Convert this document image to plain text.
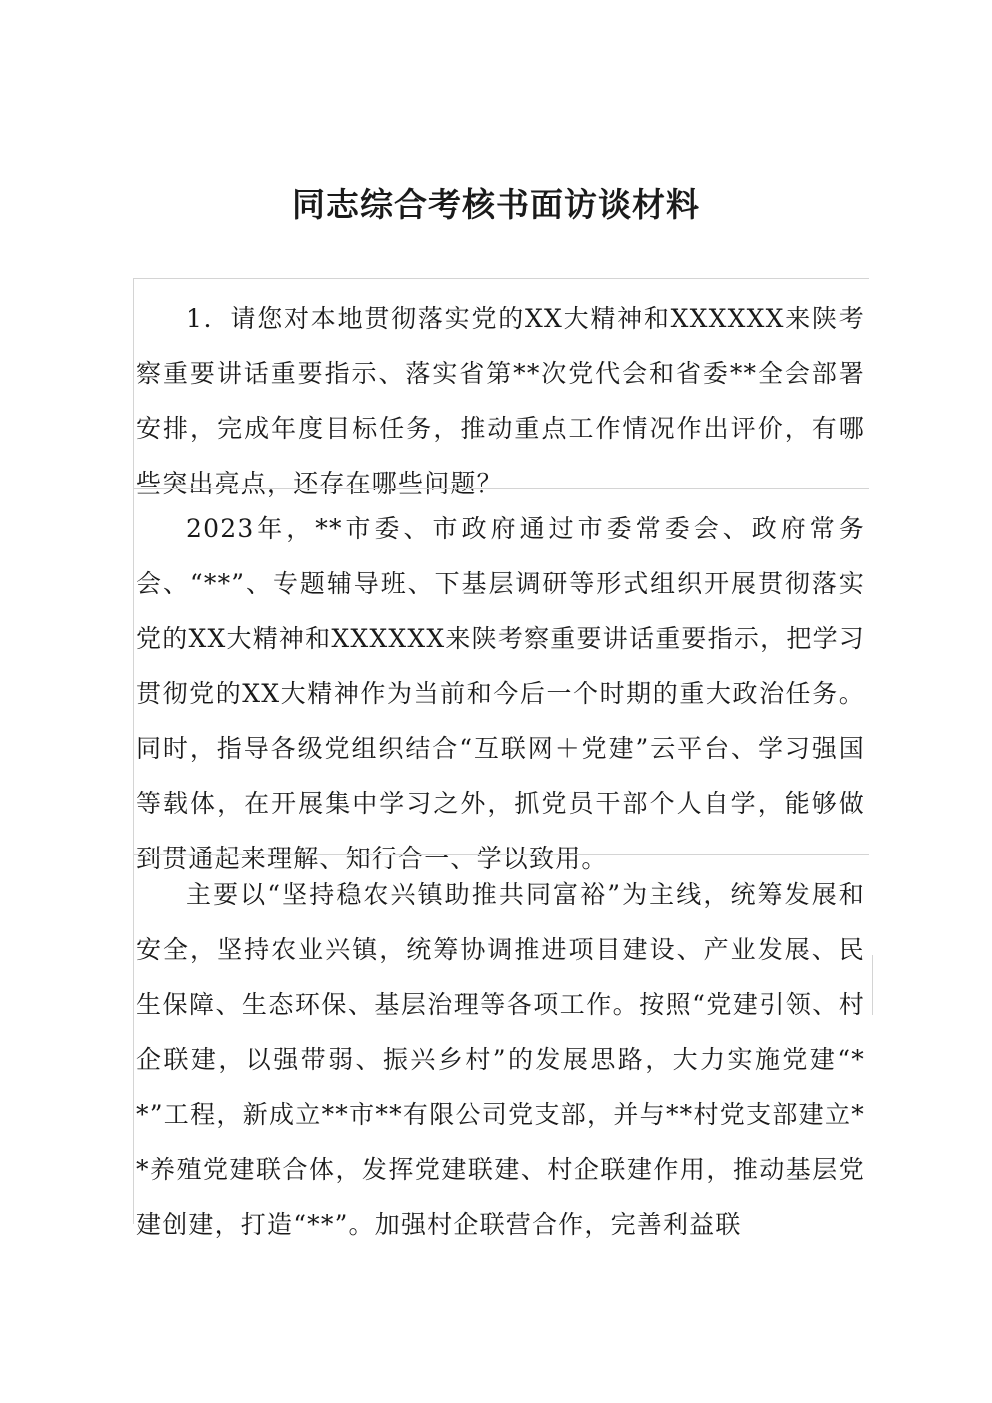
同志综合考核书面访谈材料

1．请您对本地贯彻落实党的XX大精神和XXXXXX来陕考察重要讲话重要指示、落实省第**次党代会和省委**全会部署安排，完成年度目标任务，推动重点工作情况作出评价，有哪些突出亮点，还存在哪些问题？

2023年，**市委、市政府通过市委常委会、政府常务会、“**”、专题辅导班、下基层调研等形式组织开展贯彻落实党的XX大精神和XXXXXX来陕考察重要讲话重要指示，把学习贯彻党的XX大精神作为当前和今后一个时期的重大政治任务。同时，指导各级党组织结合“互联网＋党建”云平台、学习强国等载体，在开展集中学习之外，抓党员干部个人自学，能够做到贯通起来理解、知行合一、学以致用。

主要以“坚持稳农兴镇助推共同富裕”为主线，统筹发展和安全，坚持农业兴镇，统筹协调推进项目建设、产业发展、民生保障、生态环保、基层治理等各项工作。按照“党建引领、村企联建，以强带弱、振兴乡村”的发展思路，大力实施党建“**”工程，新成立**市**有限公司党支部，并与**村党支部建立**养殖党建联合体，发挥党建联建、村企联建作用，推动基层党建创建，打造“**”。加强村企联营合作，完善利益联
